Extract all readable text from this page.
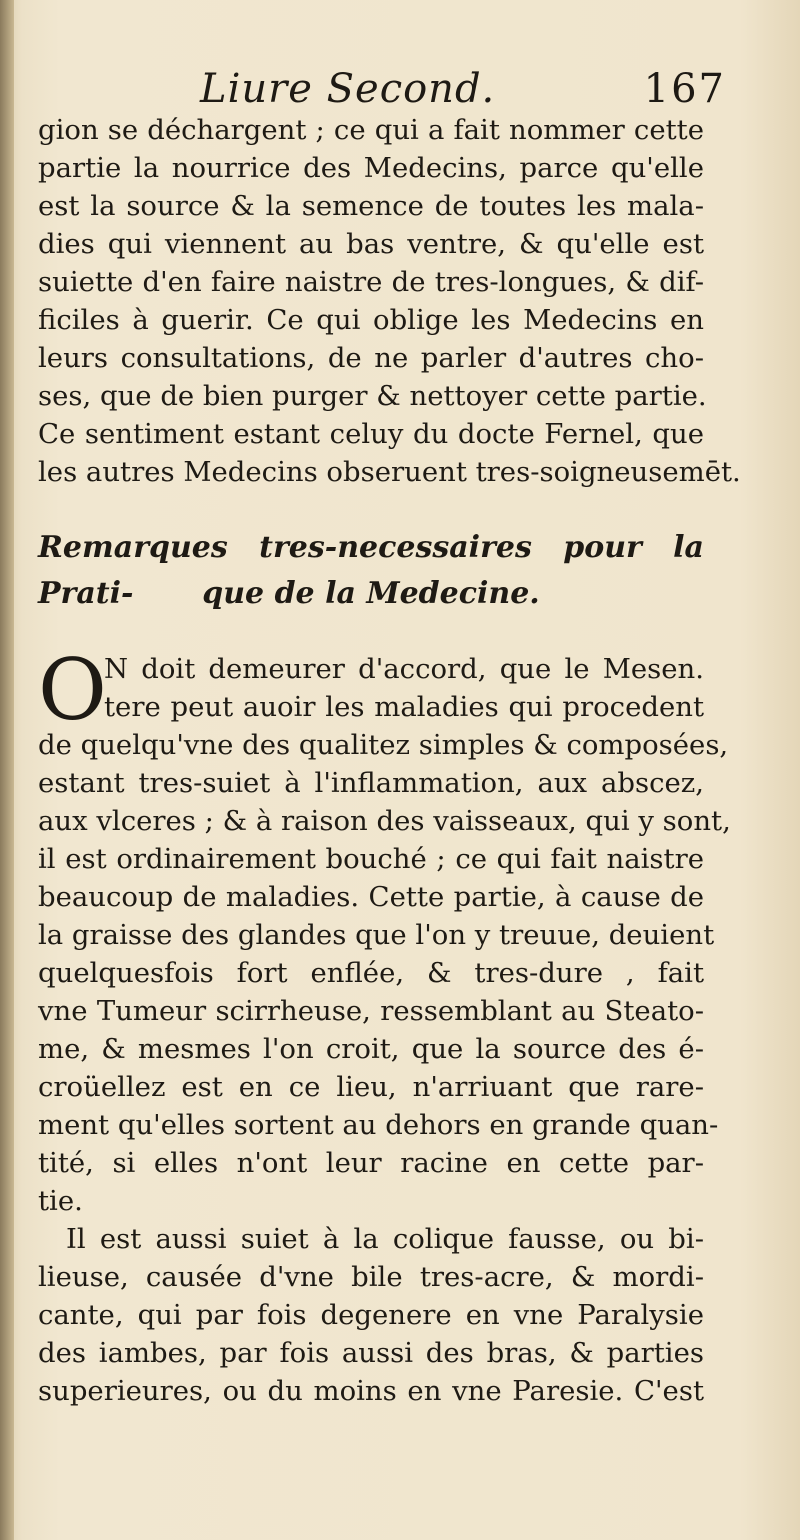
Liure Second.	167
gion se déchargent ; ce qui a fait nommer cette
partie la nourrice des Medecins, parce qu'elle
est la source & la semence de toutes les mala-
dies qui viennent au bas ventre, & qu'elle est
suiette d'en faire naistre de tres-longues, & dif-
ficiles à guerir. Ce qui oblige les Medecins en
leurs consultations, de ne parler d'autres cho-
ses, que de bien purger & nettoyer cette partie.
Ce sentiment estant celuy du docte Fernel, que
les autres Medecins obseruent tres-soigneusemēt.
Remarques tres-necessaires pour la Prati-	que de la Medecine.
O
N doit demeurer d'accord, que le Mesen.
tere peut auoir les maladies qui procedent
de quelqu'vne des qualitez simples & composées,
estant tres-suiet à l'inflammation, aux abscez,
aux vlceres ; & à raison des vaisseaux, qui y sont,
il est ordinairement bouché ; ce qui fait naistre
beaucoup de maladies. Cette partie, à cause de
la graisse des glandes que l'on y treuue, deuient
quelquesfois fort enflée, & tres-dure , fait
vne Tumeur scirrheuse, ressemblant au Steato-
me, & mesmes l'on croit, que la source des é-
croüellez est en ce lieu, n'arriuant que rare-
ment qu'elles sortent au dehors en grande quan-
tité, si elles n'ont leur racine en cette par-
tie.
Il est aussi suiet à la colique fausse, ou bi-
lieuse, causée d'vne bile tres-acre, & mordi-
cante, qui par fois degenere en vne Paralysie
des iambes, par fois aussi des bras, & parties
superieures, ou du moins en vne Paresie. C'est
